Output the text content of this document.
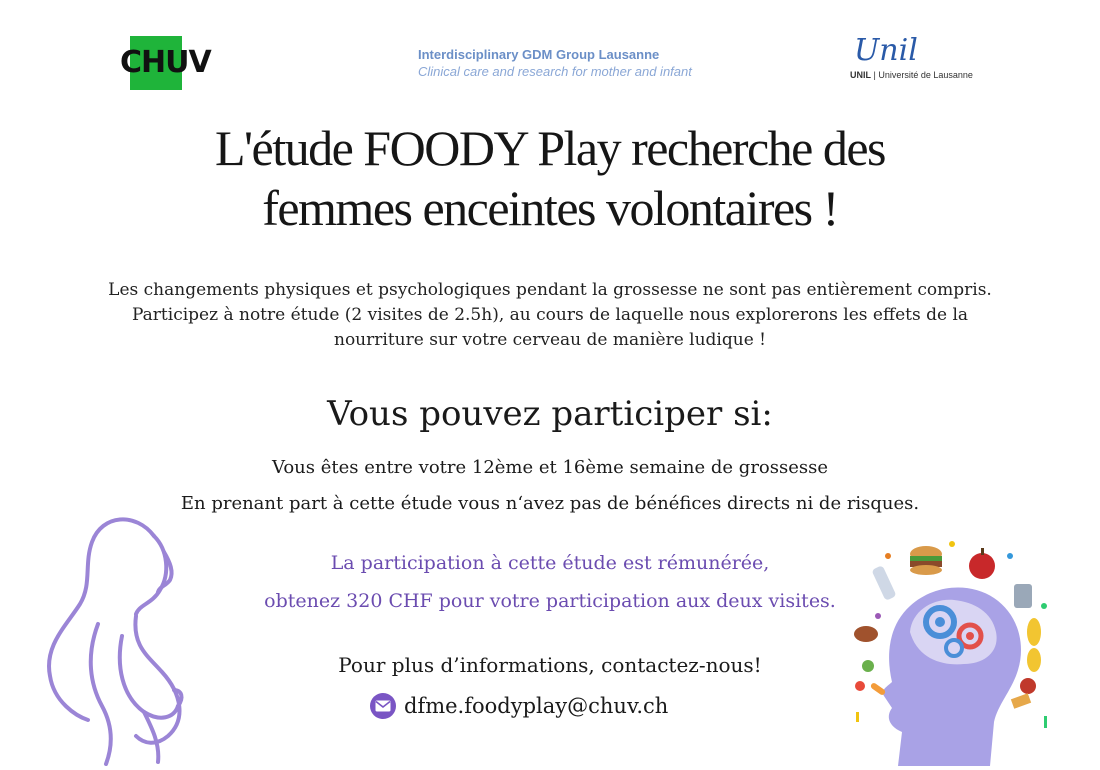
CHUV	Interdisciplinary GDM Group Lausanne
Clinical care and research for mother and infant
Unil
UNIL | Université de Lausanne
L'étude FOODY Play recherche des
femmes enceintes volontaires !
Les changements physiques et psychologiques pendant la grossesse ne sont pas entièrement compris.
Participez à notre étude (2 visites de 2.5h), au cours de laquelle nous explorerons les effets de la
nourriture sur votre cerveau de manière ludique !
Vous pouvez participer si:
Vous êtes entre votre 12ème et 16ème semaine de grossesse
En prenant part à cette étude vous n‘avez pas de bénéfices directs ni de risques.
La participation à cette étude est rémunérée,
obtenez 320 CHF pour votre participation aux deux visites.
Pour plus d’informations, contactez-nous!
dfme.foodyplay@chuv.ch
